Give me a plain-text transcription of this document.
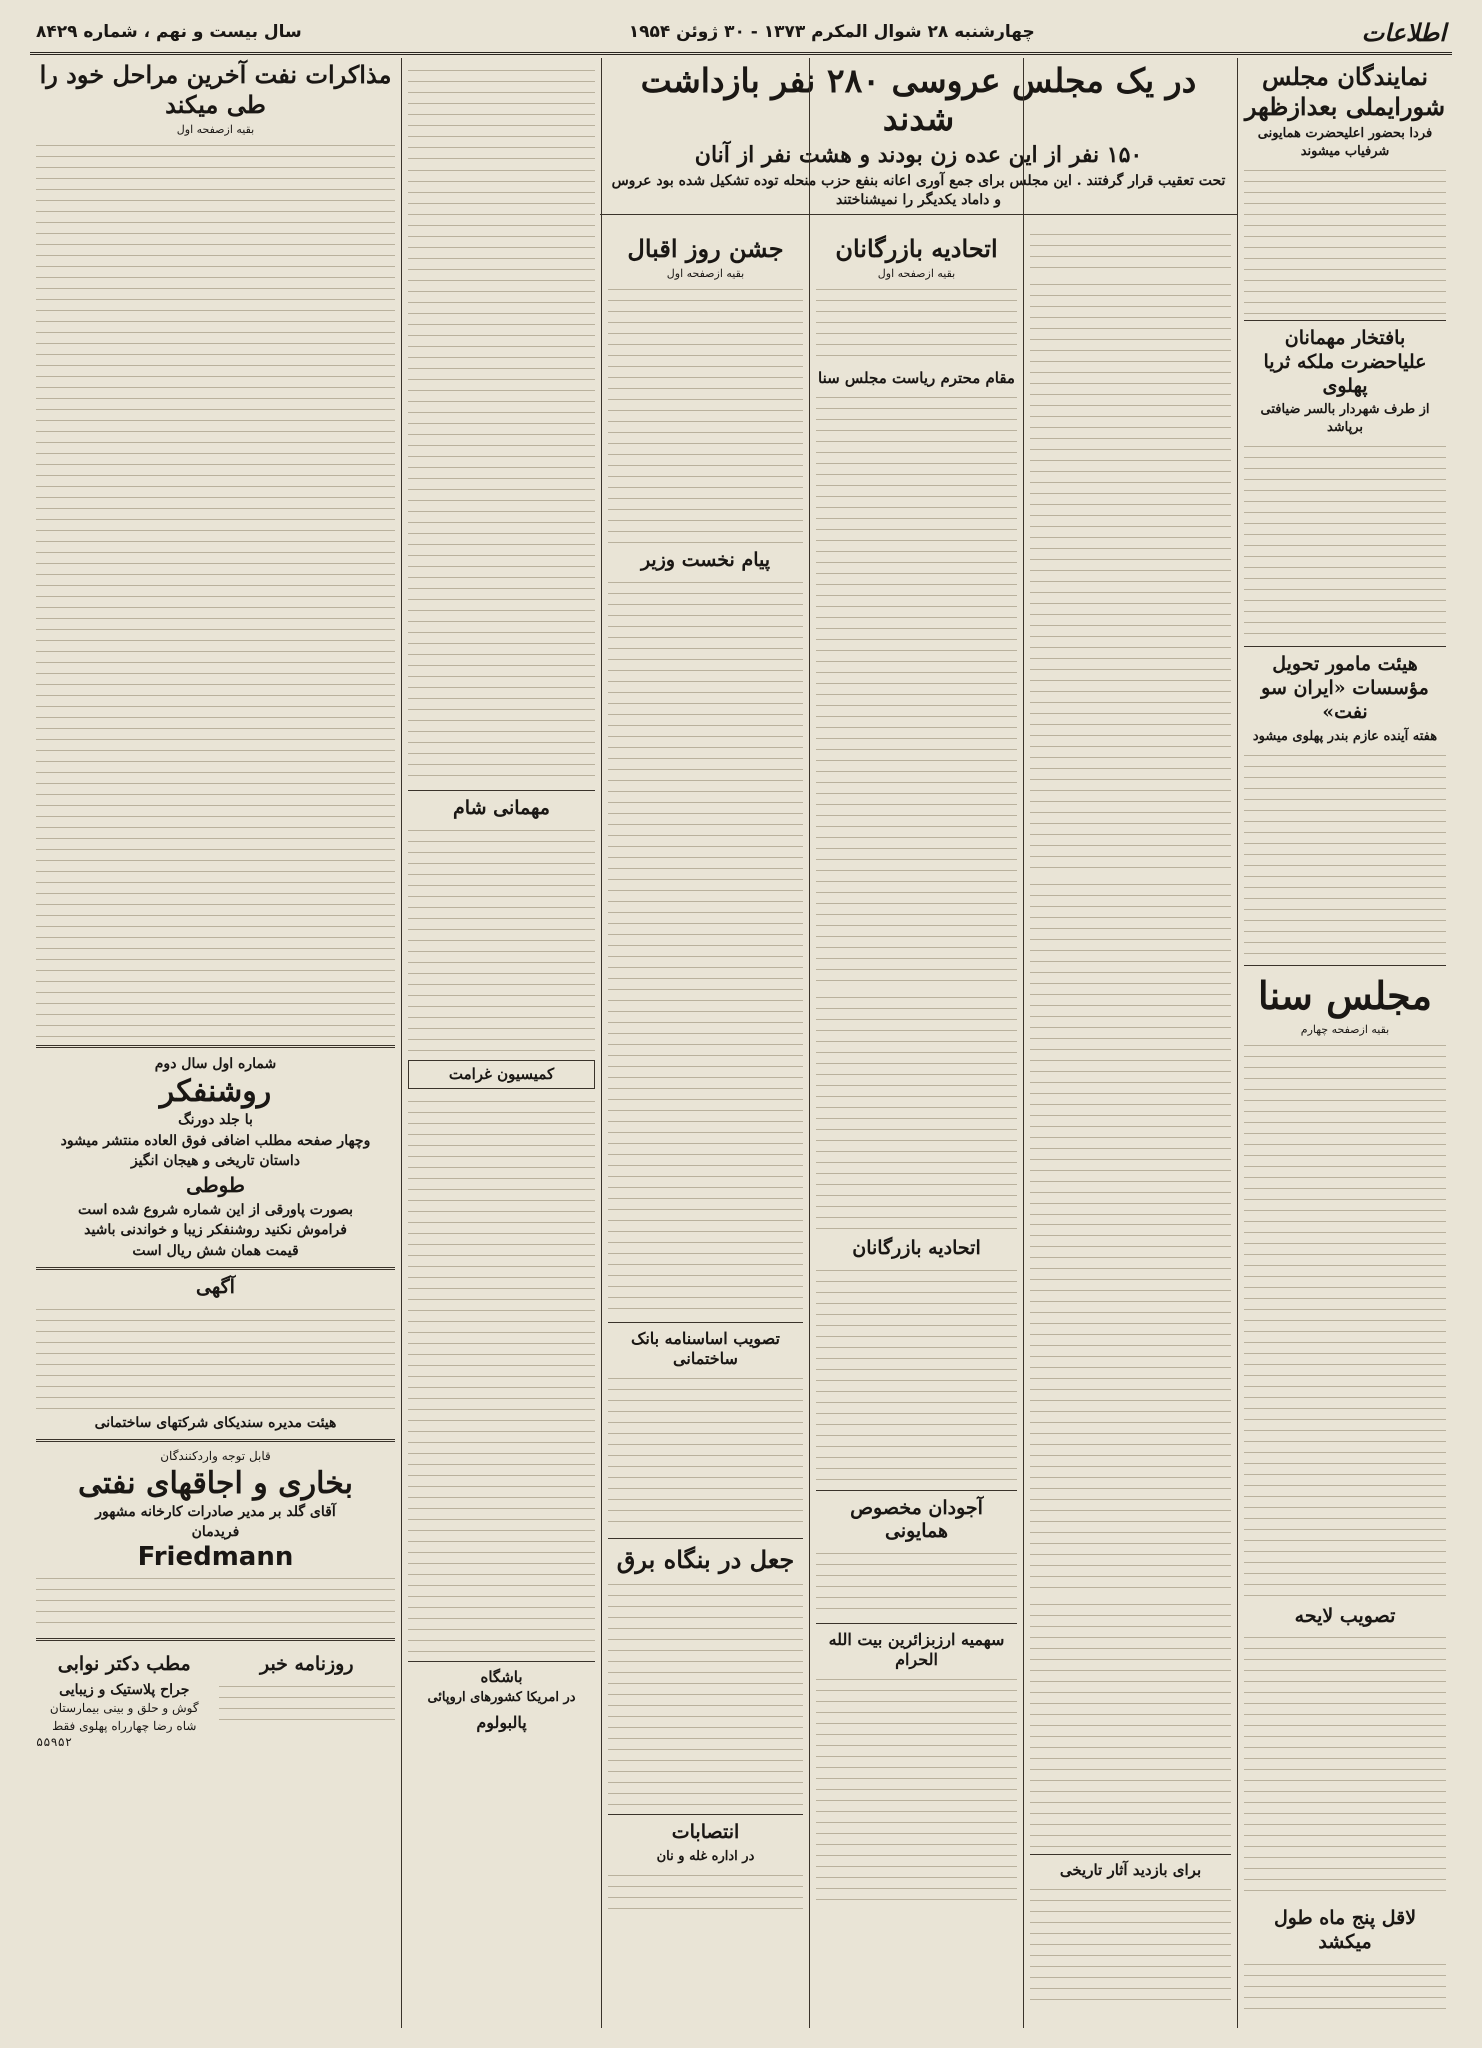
اطلاعات
چهارشنبه ۲۸ شوال المکرم ۱۳۷۳ - ۳۰ ژوئن ۱۹۵۴
سال بیست و نهم ، شماره ۸۴۲۹
در یک مجلس عروسی ۲۸۰ نفر بازداشت شدند
۱۵۰ نفر از این عده زن بودند و هشت نفر از آنان
تحت تعقیب قرار گرفتند . این مجلس برای جمع آوری اعانه بنفع حزب منحله توده تشکیل شده بود عروس و داماد یکدیگر را نمیشناختند
نمایندگان مجلس شورایملی بعدازظهر
فردا بحضور اعلیحضرت همایونی شرفیاب میشوند
بافتخار مهمانان علیاحضرت ملکه ثریا پهلوی
از طرف شهردار بالسر ضیافتی برپاشد
هیئت مامور تحویل مؤسسات «ایران سو نفت»
هفته آینده عازم بندر پهلوی میشود
مجلس سنا
بقیه ازصفحه چهارم
تصویب لایحه
لاقل پنج ماه طول میکشد
برای بازدید آثار تاریخی
اتحادیه بازرگانان
بقیه ازصفحه اول
مقام محترم ریاست مجلس سنا
اتحادیه بازرگانان
آجودان مخصوص همایونی
سهمیه ارزبزائرین بیت الله الحرام
جشن روز اقبال
بقیه ازصفحه اول
پیام نخست وزیر
تصویب اساسنامه بانک ساختمانی
جعل در بنگاه برق
انتصابات
در اداره غله و نان
مهمانی شام
کمیسیون غرامت
باشگاه
در امریکا کشورهای اروپائی
پالبولوم
مذاکرات نفت آخرین مراحل خود را طی میکند
بقیه ازصفحه اول
شماره اول سال دوم
روشنفکر
با جلد دورنگ
وچهار صفحه مطلب اضافی فوق العاده منتشر میشود
داستان تاریخی و هیجان انگیز
طوطی
بصورت پاورقی از این شماره شروع شده است
فراموش نکنید روشنفکر زیبا و خواندنی باشید
قیمت همان شش ریال است
آگهی
هیئت مدیره سندیکای شرکتهای ساختمانی
قابل توجه واردکنندگان
بخاری و اجاقهای نفتی
آقای گلد بر مدیر صادرات کارخانه مشهور
فریدمان
Friedmann
روزنامه خبر
مطب دکتر نوابی
جراح پلاستیک و زیبایی
گوش و حلق و بینی بیمارستان
شاه رضا چهارراه پهلوی فقط
۵۵۹۵۲
